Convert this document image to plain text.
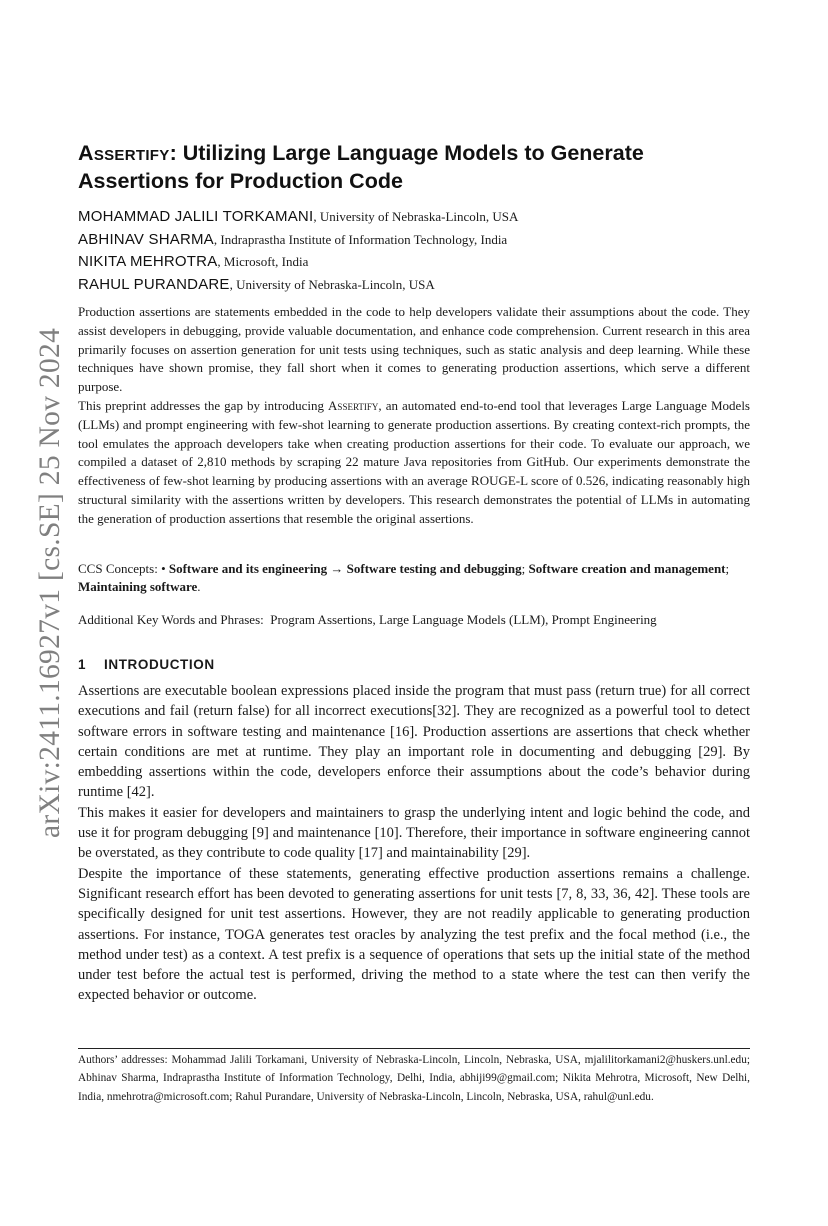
arXiv:2411.16927v1 [cs.SE] 25 Nov 2024
Assertify: Utilizing Large Language Models to Generate Assertions for Production Code
MOHAMMAD JALILI TORKAMANI, University of Nebraska-Lincoln, USA
ABHINAV SHARMA, Indraprastha Institute of Information Technology, India
NIKITA MEHROTRA, Microsoft, India
RAHUL PURANDARE, University of Nebraska-Lincoln, USA

Production assertions are statements embedded in the code to help developers validate their assumptions about the code. They assist developers in debugging, provide valuable documentation, and enhance code comprehension. Current research in this area primarily focuses on assertion generation for unit tests using techniques, such as static analysis and deep learning. While these techniques have shown promise, they fall short when it comes to generating production assertions, which serve a different purpose.

This preprint addresses the gap by introducing Assertify, an automated end-to-end tool that leverages Large Language Models (LLMs) and prompt engineering with few-shot learning to generate production assertions. By creating context-rich prompts, the tool emulates the approach developers take when creating production assertions for their code. To evaluate our approach, we compiled a dataset of 2,810 methods by scraping 22 mature Java repositories from GitHub. Our experiments demonstrate the effectiveness of few-shot learning by producing assertions with an average ROUGE-L score of 0.526, indicating reasonably high structural similarity with the assertions written by developers. This research demonstrates the potential of LLMs in automating the generation of production assertions that resemble the original assertions.

CCS Concepts: • Software and its engineering → Software testing and debugging; Software creation and management; Maintaining software.

Additional Key Words and Phrases: Program Assertions, Large Language Models (LLM), Prompt Engineering

1 INTRODUCTION

Assertions are executable boolean expressions placed inside the program that must pass (return true) for all correct executions and fail (return false) for all incorrect executions[32]. They are recognized as a powerful tool to detect software errors in software testing and maintenance [16]. Production assertions are assertions that check whether certain conditions are met at runtime. They play an important role in documenting and debugging [29]. By embedding assertions within the code, developers enforce their assumptions about the code’s behavior during runtime [42].

This makes it easier for developers and maintainers to grasp the underlying intent and logic behind the code, and use it for program debugging [9] and maintenance [10]. Therefore, their importance in software engineering cannot be overstated, as they contribute to code quality [17] and maintainability [29].

Despite the importance of these statements, generating effective production assertions remains a challenge. Significant research effort has been devoted to generating assertions for unit tests [7, 8, 33, 36, 42]. These tools are specifically designed for unit test assertions. However, they are not readily applicable to generating production assertions. For instance, TOGA generates test oracles by analyzing the test prefix and the focal method (i.e., the method under test) as a context. A test prefix is a sequence of operations that sets up the initial state of the method under test before the actual test is performed, driving the method to a state where the test can then verify the expected behavior or outcome.

Authors’ addresses: Mohammad Jalili Torkamani, University of Nebraska-Lincoln, Lincoln, Nebraska, USA, mjalilitorkamani2@huskers.unl.edu; Abhinav Sharma, Indraprastha Institute of Information Technology, Delhi, India, abhiji99@gmail.com; Nikita Mehrotra, Microsoft, New Delhi, India, nmehrotra@microsoft.com; Rahul Purandare, University of Nebraska-Lincoln, Lincoln, Nebraska, USA, rahul@unl.edu.
